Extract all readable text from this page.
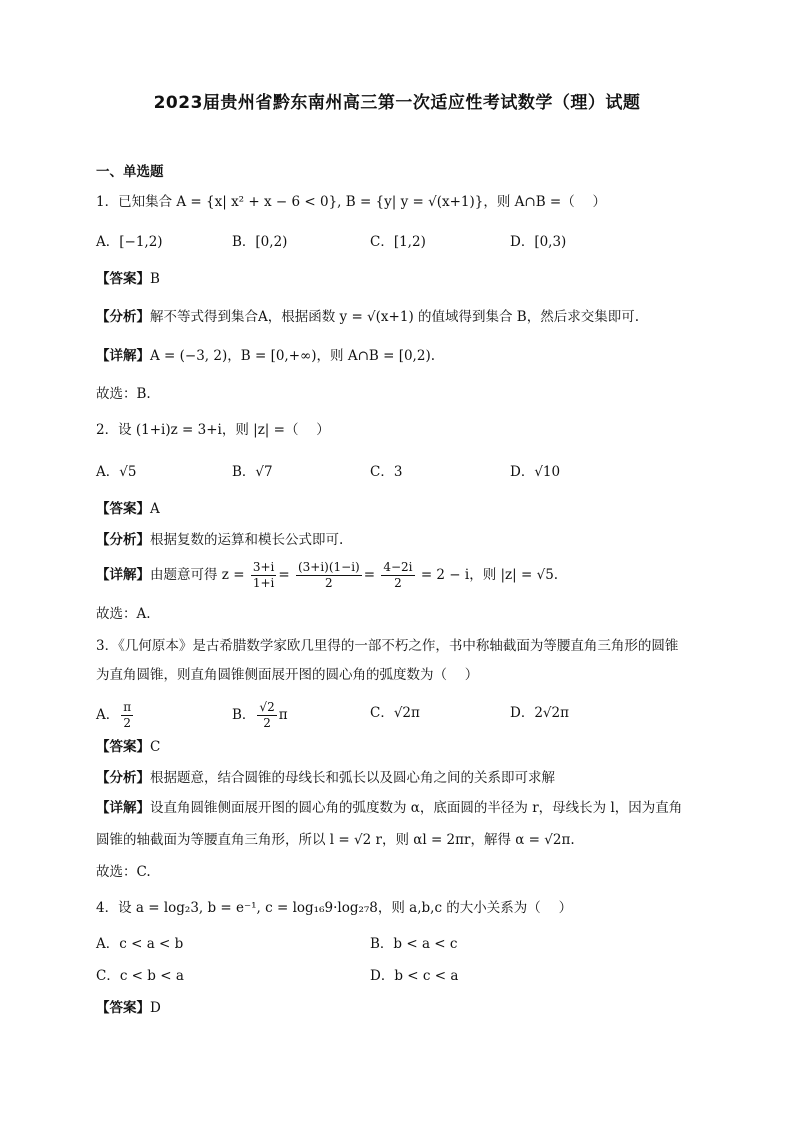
2023届贵州省黔东南州高三第一次适应性考试数学（理）试题
一、单选题
1．已知集合 A = {x| x² + x − 6 < 0}, B = {y| y = √(x+1)}，则 A∩B =（　 ）
A．[−1,2)	B．[0,2)	C．[1,2)	D．[0,3)
【答案】B
【分析】解不等式得到集合A，根据函数 y = √(x+1) 的值域得到集合 B，然后求交集即可.
【详解】A = (−3, 2)，B = [0,+∞)，则 A∩B = [0,2).
故选：B.
2．设 (1+i)z = 3+i，则 |z| =（　 ）
A．√5	B．√7	C．3	D．√10
【答案】A
【分析】根据复数的运算和模长公式即可.
【详解】由题意可得 $z = \frac{3+i}{1+i} = \frac{(3+i)(1-i)}{2} = \frac{4-2i}{2} = 2 - i$，则 |z| = √5.
故选：A.
3．《几何原本》是古希腊数学家欧几里得的一部不朽之作，书中称轴截面为等腰直角三角形的圆锥
为直角圆锥，则直角圆锥侧面展开图的圆心角的弧度数为（　 ）
A． $\frac{\pi}{2}$	B． $\frac{√2}{2}$ π	C．√2π	D．2√2π
【答案】C
【分析】根据题意，结合圆锥的母线长和弧长以及圆心角之间的关系即可求解
【详解】设直角圆锥侧面展开图的圆心角的弧度数为 α，底面圆的半径为 r，母线长为 l，因为直角
圆锥的轴截面为等腰直角三角形，所以 l = √2 r，则 αl = 2πr，解得 α = √2π.
故选：C.
4．设 a = log₂3, b = e⁻¹, c = log₁₆9·log₂₇8，则 a,b,c 的大小关系为（　 ）
A．c < a < b	B．b < a < c
C．c < b < a	D．b < c < a
【答案】D
